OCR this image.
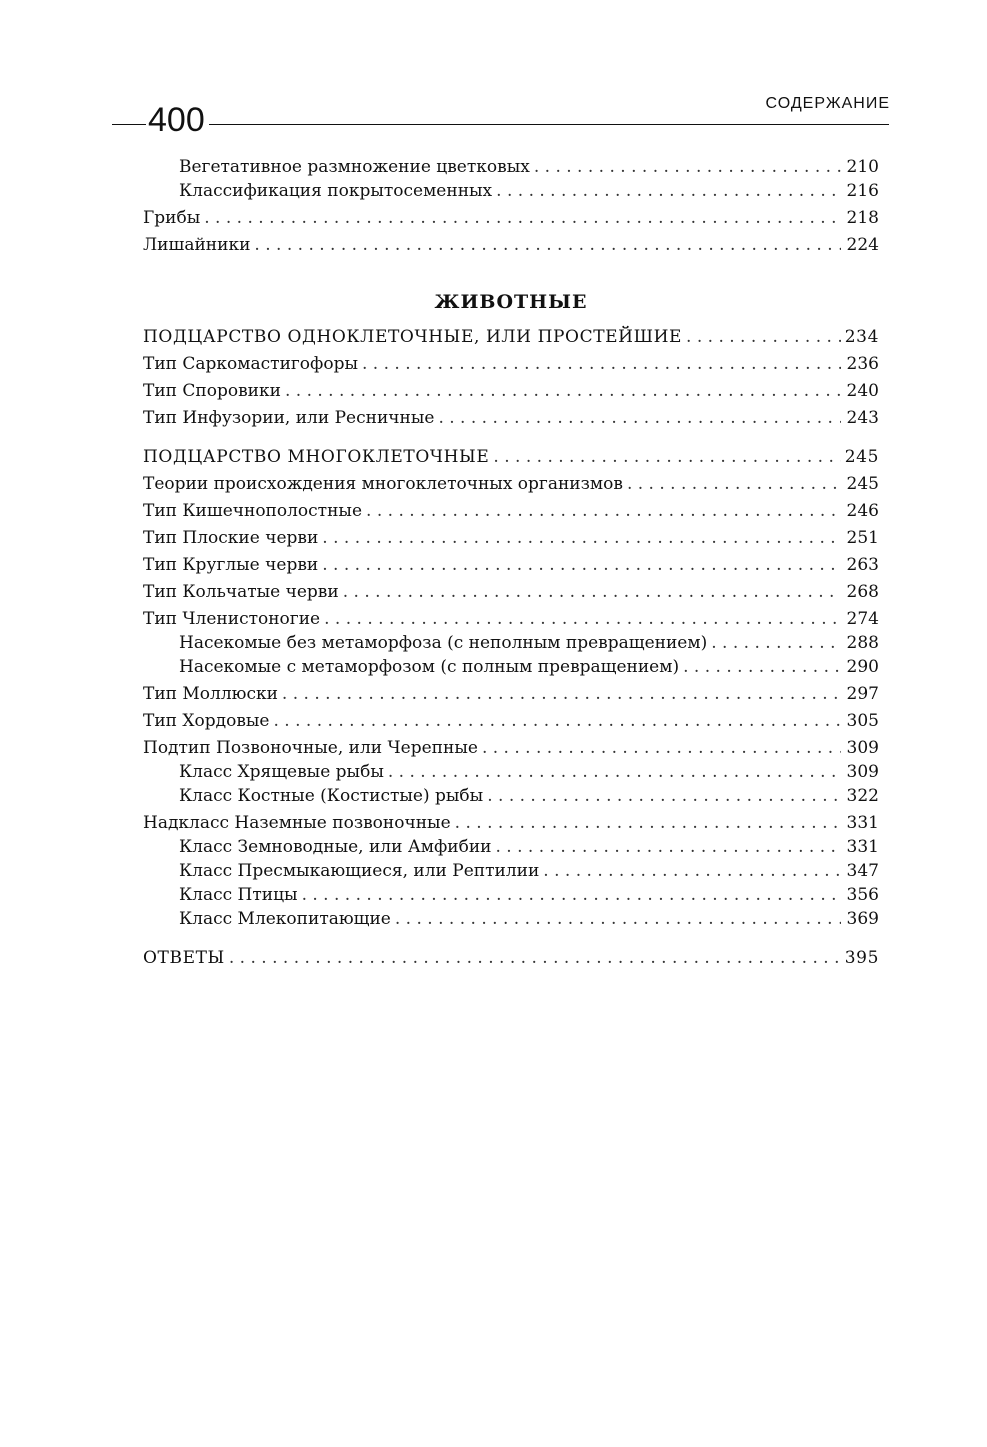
400	СОДЕРЖАНИЕ
Вегетативное размножение цветковых . . .	210
Классификация покрытосеменных . . .	216
Грибы . . .	218
Лишайники . . .	224
ЖИВОТНЫЕ
ПОДЦАРСТВО ОДНОКЛЕТОЧНЫЕ, ИЛИ ПРОСТЕЙШИЕ . . .	234
Тип Саркомастигофоры . . .	236
Тип Споровики . . .	240
Тип Инфузории, или Ресничные . . .	243
ПОДЦАРСТВО МНОГОКЛЕТОЧНЫЕ . . .	245
Теории происхождения многоклеточных организмов . . .	245
Тип Кишечнополостные . . .	246
Тип Плоские черви . . .	251
Тип Круглые черви . . .	263
Тип Кольчатые черви . . .	268
Тип Членистоногие . . .	274
Насекомые без метаморфоза (с неполным превращением) . . .	288
Насекомые с метаморфозом (с полным превращением) . . .	290
Тип Моллюски . . .	297
Тип Хордовые . . .	305
Подтип Позвоночные, или Черепные . . .	309
Класс Хрящевые рыбы . . .	309
Класс Костные (Костистые) рыбы . . .	322
Надкласс Наземные позвоночные . . .	331
Класс Земноводные, или Амфибии . . .	331
Класс Пресмыкающиеся, или Рептилии . . .	347
Класс Птицы . . .	356
Класс Млекопитающие . . .	369
ОТВЕТЫ . . .	395
